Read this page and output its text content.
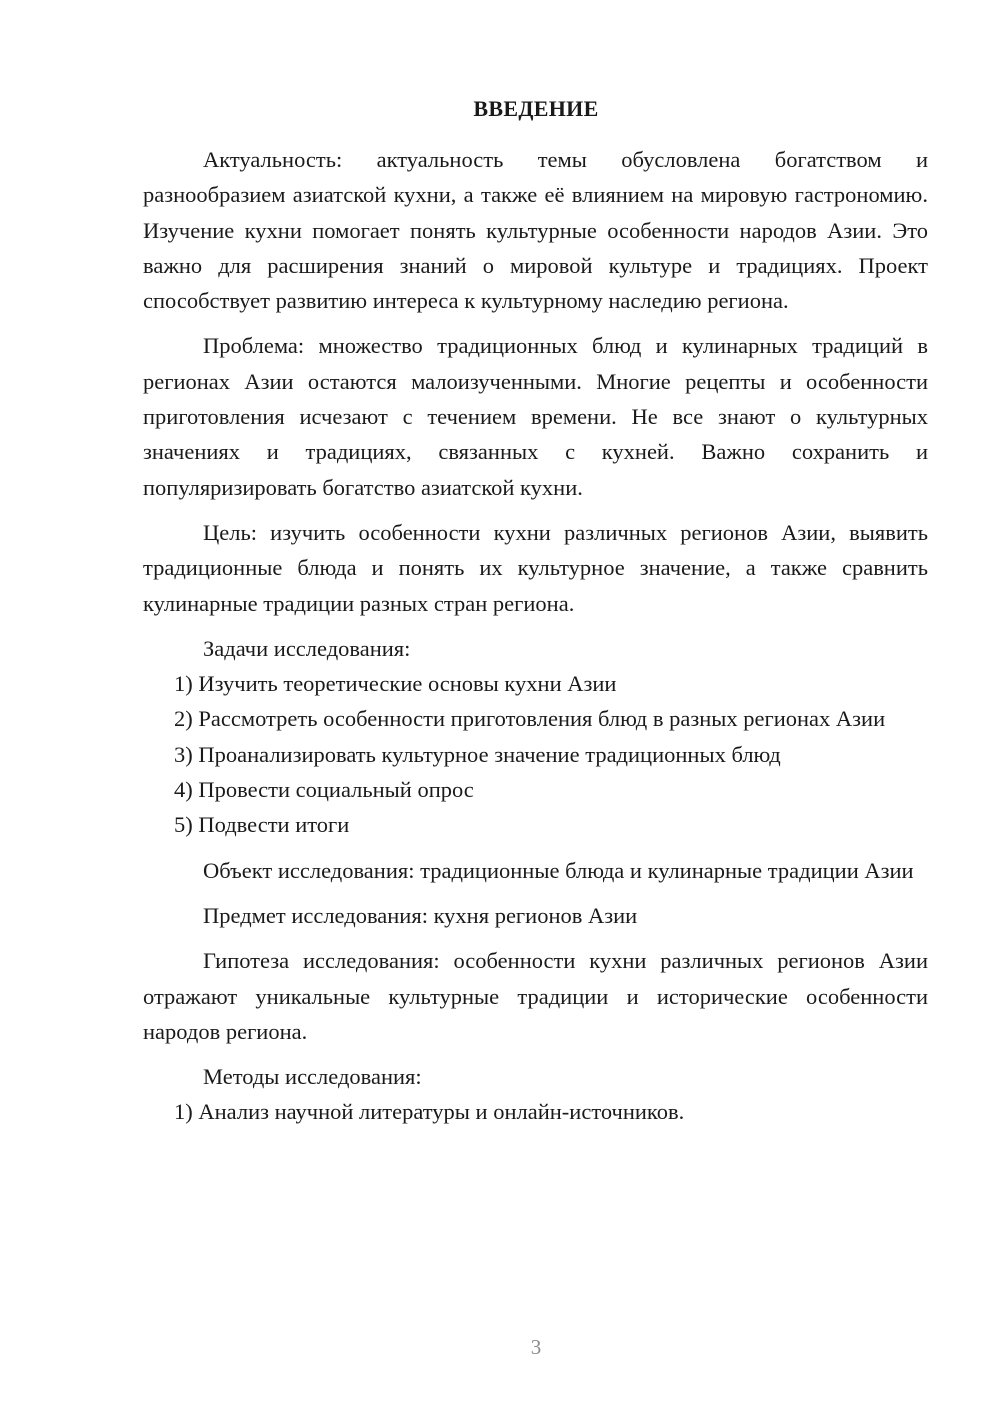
ВВЕДЕНИЕ

Актуальность: актуальность темы обусловлена богатством и разнообразием азиатской кухни, а также её влиянием на мировую гастрономию. Изучение кухни помогает понять культурные особенности народов Азии. Это важно для расширения знаний о мировой культуре и традициях. Проект способствует развитию интереса к культурному наследию региона.

Проблема: множество традиционных блюд и кулинарных традиций в регионах Азии остаются малоизученными. Многие рецепты и особенности приготовления исчезают с течением времени. Не все знают о культурных значениях и традициях, связанных с кухней. Важно сохранить и популяризировать богатство азиатской кухни.

Цель: изучить особенности кухни различных регионов Азии, выявить традиционные блюда и понять их культурное значение, а также сравнить кулинарные традиции разных стран региона.

Задачи исследования:

1) Изучить теоретические основы кухни Азии

2) Рассмотреть особенности приготовления блюд в разных регионах Азии

3) Проанализировать культурное значение традиционных блюд

4) Провести социальный опрос

5) Подвести итоги

Объект исследования: традиционные блюда и кулинарные традиции Азии

Предмет исследования: кухня регионов Азии

Гипотеза исследования: особенности кухни различных регионов Азии отражают уникальные культурные традиции и исторические особенности народов региона.

Методы исследования:

1) Анализ научной литературы и онлайн-источников.

3
